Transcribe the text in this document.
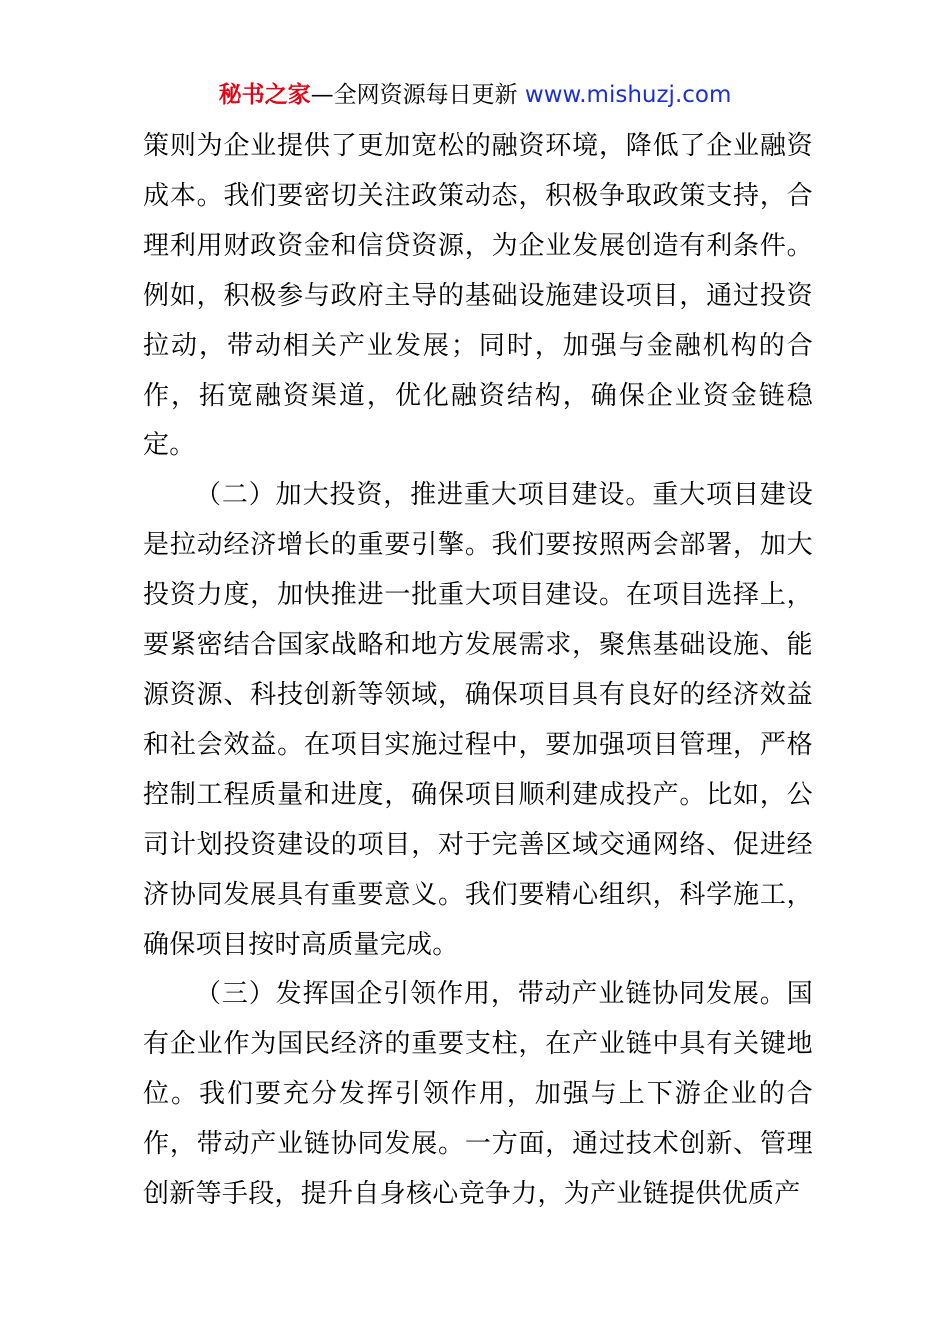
秘书之家—全网资源每日更新 www.mishuzj.com

策则为企业提供了更加宽松的融资环境，降低了企业融资成本。我们要密切关注政策动态，积极争取政策支持，合理利用财政资金和信贷资源，为企业发展创造有利条件。例如，积极参与政府主导的基础设施建设项目，通过投资拉动，带动相关产业发展；同时，加强与金融机构的合作，拓宽融资渠道，优化融资结构，确保企业资金链稳定。

（二）加大投资，推进重大项目建设。重大项目建设是拉动经济增长的重要引擎。我们要按照两会部署，加大投资力度，加快推进一批重大项目建设。在项目选择上，要紧密结合国家战略和地方发展需求，聚焦基础设施、能源资源、科技创新等领域，确保项目具有良好的经济效益和社会效益。在项目实施过程中，要加强项目管理，严格控制工程质量和进度，确保项目顺利建成投产。比如，公司计划投资建设的项目，对于完善区域交通网络、促进经济协同发展具有重要意义。我们要精心组织，科学施工，确保项目按时高质量完成。

（三）发挥国企引领作用，带动产业链协同发展。国有企业作为国民经济的重要支柱，在产业链中具有关键地位。我们要充分发挥引领作用，加强与上下游企业的合作，带动产业链协同发展。一方面，通过技术创新、管理创新等手段，提升自身核心竞争力，为产业链提供优质产
